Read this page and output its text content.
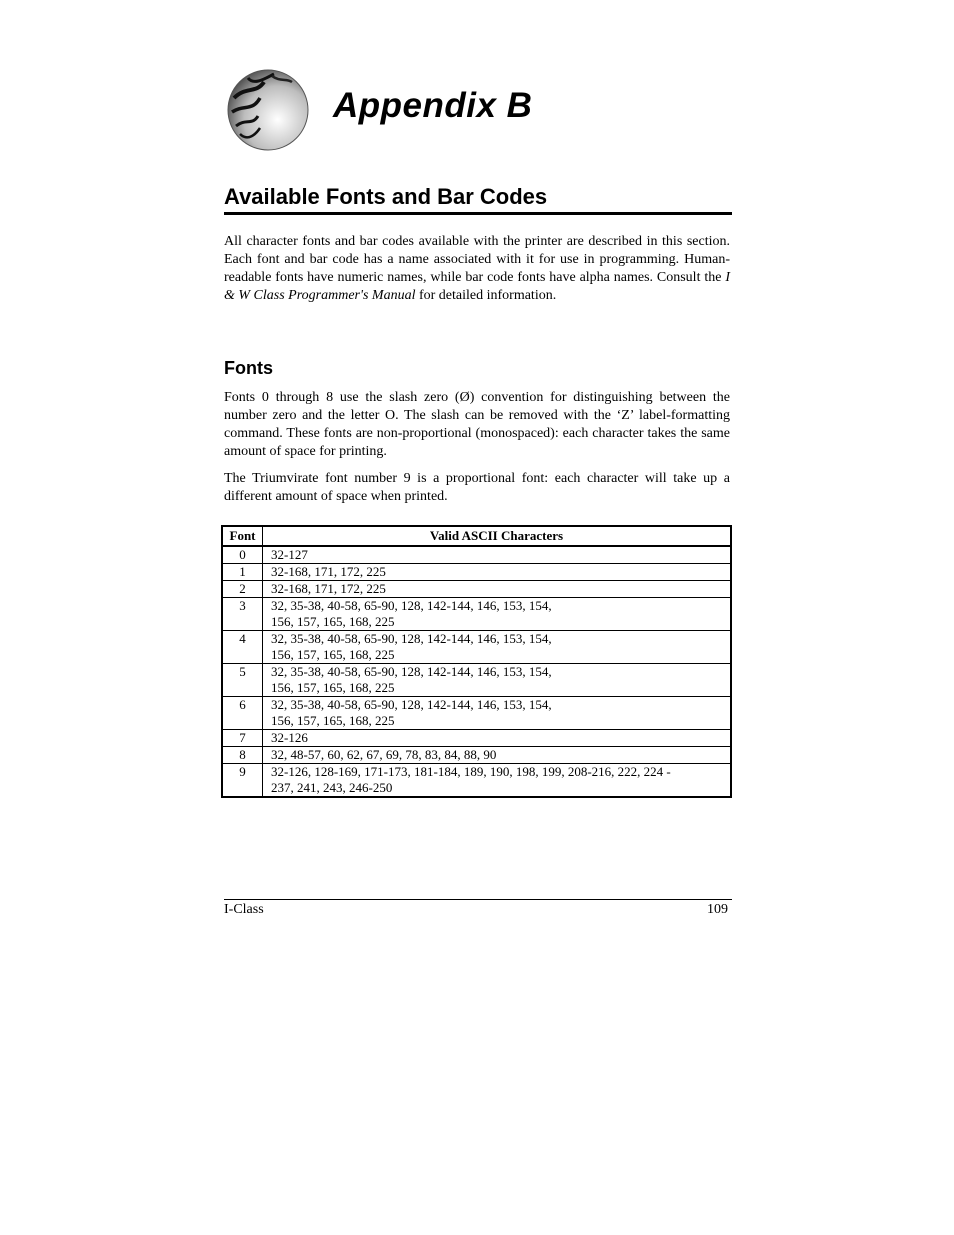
Appendix B
Available Fonts and Bar Codes

All character fonts and bar codes available with the printer are described in this section. Each font and bar code has a name associated with it for use in programming. Human-readable fonts have numeric names, while bar code fonts have alpha names. Consult the I & W Class Programmer's Manual for detailed information.

Fonts

Fonts 0 through 8 use the slash zero (Ø) convention for distinguishing between the number zero and the letter O. The slash can be removed with the ‘Z’ label-formatting command. These fonts are non-proportional (monospaced): each character takes the same amount of space for printing.

The Triumvirate font number 9 is a proportional font: each character will take up a different amount of space when printed.

Font	Valid ASCII Characters
0	32-127
1	32-168, 171, 172, 225
2	32-168, 171, 172, 225
3	32, 35-38, 40-58, 65-90, 128, 142-144, 146, 153, 154,
156, 157, 165, 168, 225
4	32, 35-38, 40-58, 65-90, 128, 142-144, 146, 153, 154,
156, 157, 165, 168, 225
5	32, 35-38, 40-58, 65-90, 128, 142-144, 146, 153, 154,
156, 157, 165, 168, 225
6	32, 35-38, 40-58, 65-90, 128, 142-144, 146, 153, 154,
156, 157, 165, 168, 225
7	32-126
8	32, 48-57, 60, 62, 67, 69, 78, 83, 84, 88, 90
9	32-126, 128-169, 171-173, 181-184, 189, 190, 198, 199, 208-216, 222, 224 -
237, 241, 243, 246-250
I-Class	109
